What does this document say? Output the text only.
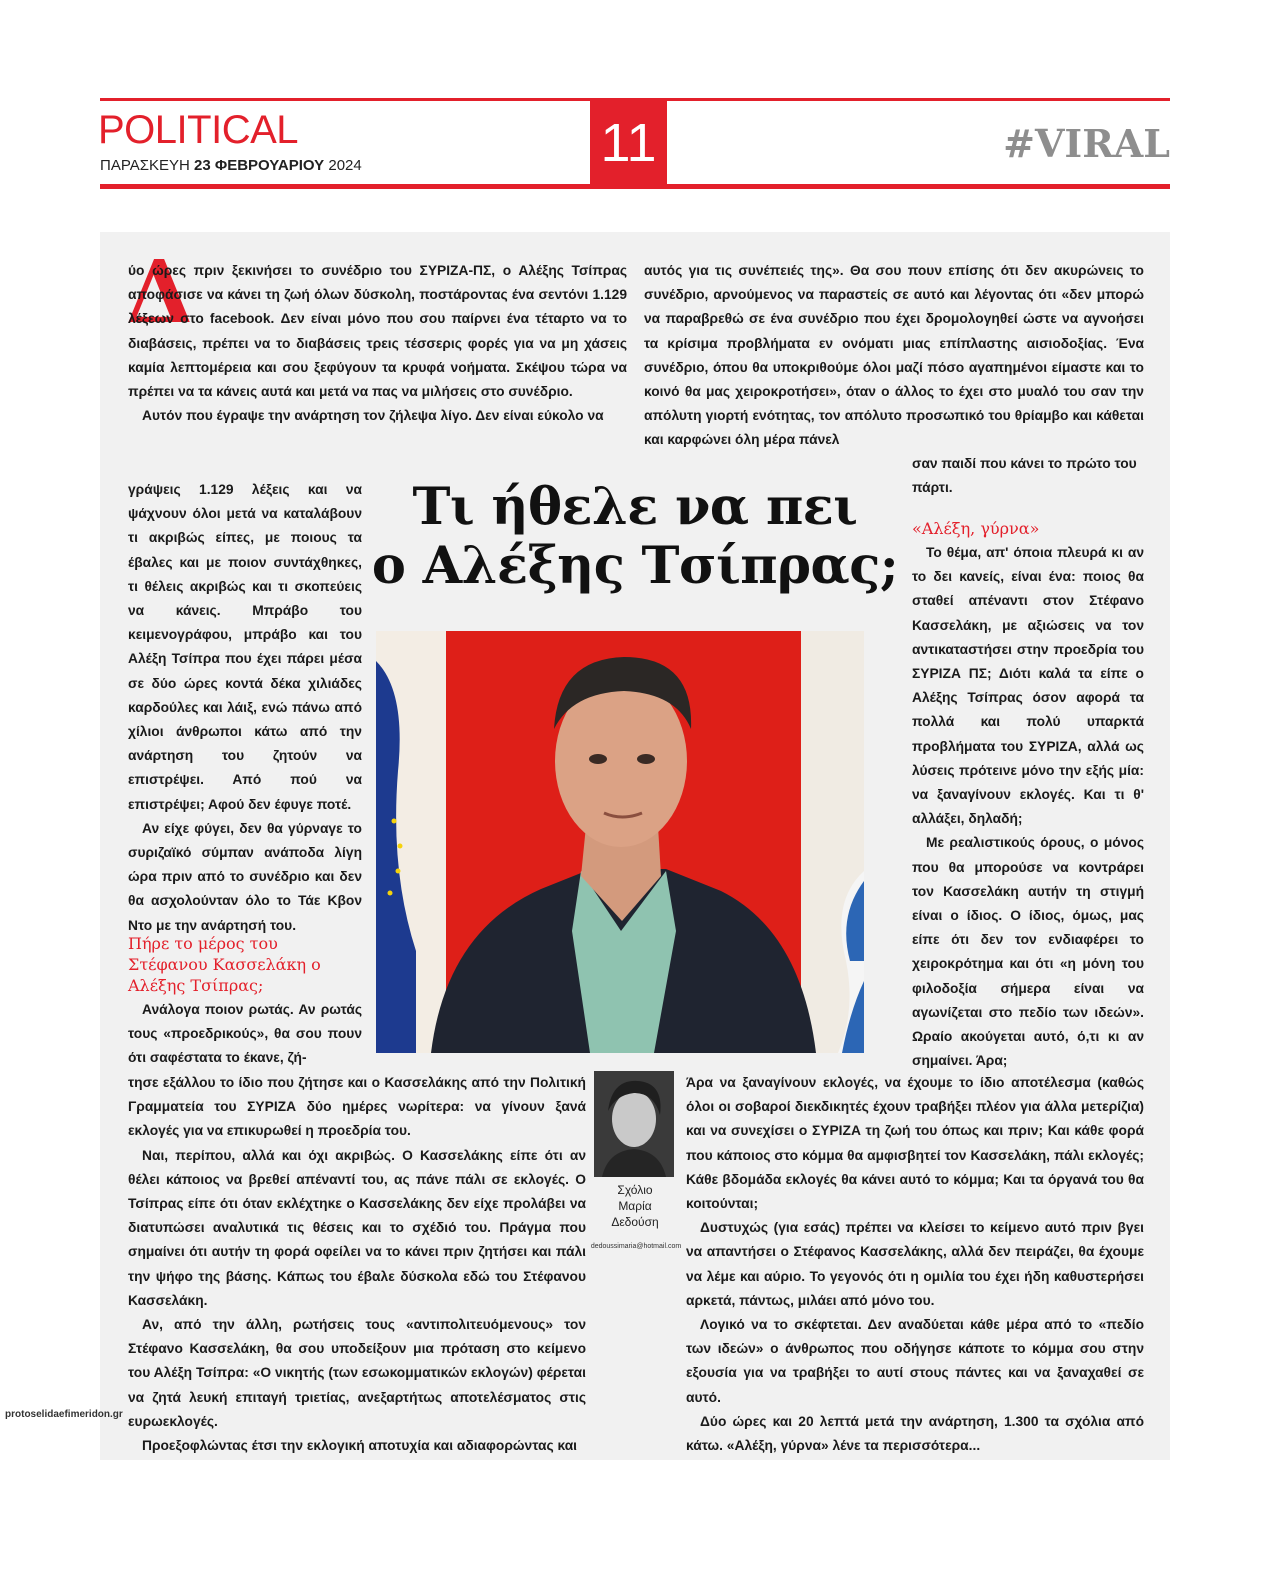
POLITICAL
ΠΑΡΑΣΚΕΥΗ 23 ΦΕΒΡΟΥΑΡΙΟΥ 2024	11	#VIRAL
Δ

ύο ώρες πριν ξεκινήσει το συνέδριο του ΣΥΡΙΖΑ-ΠΣ, ο Αλέξης Τσίπρας αποφάσισε να κάνει τη ζωή όλων δύσκολη, ποστάροντας ένα σεντόνι 1.129 λέξεων στο facebook. Δεν είναι μόνο που σου παίρνει ένα τέταρτο να το διαβάσεις, πρέπει να το διαβάσεις τρεις τέσσερις φορές για να μη χάσεις καμία λεπτομέρεια και σου ξεφύγουν τα κρυφά νοήματα. Σκέψου τώρα να πρέπει να τα κάνεις αυτά και μετά να πας να μιλήσεις στο συνέδριο.

Αυτόν που έγραψε την ανάρτηση τον ζήλεψα λίγο. Δεν είναι εύκολο να

γράψεις 1.129 λέξεις και να ψάχνουν όλοι μετά να καταλάβουν τι ακριβώς είπες, με ποιους τα έβαλες και με ποιον συντάχθηκες, τι θέλεις ακριβώς και τι σκοπεύεις να κάνεις. Μπράβο του κειμενογράφου, μπράβο και του Αλέξη Τσίπρα που έχει πάρει μέσα σε δύο ώρες κοντά δέκα χιλιάδες καρδούλες και λάιξ, ενώ πάνω από χίλιοι άνθρωποι κάτω από την ανάρτηση του ζητούν να επιστρέψει. Από πού να επιστρέψει; Αφού δεν έφυγε ποτέ.

Αν είχε φύγει, δεν θα γύρναγε το συριζαϊκό σύμπαν ανάποδα λίγη ώρα πριν από το συνέδριο και δεν θα ασχολούνταν όλο το Τάε Κβον Ντο με την ανάρτησή του.

Πήρε το μέρος του Στέφανου Κασσελάκη ο Αλέξης Τσίπρας;

Ανάλογα ποιον ρωτάς. Αν ρωτάς τους «προεδρικούς», θα σου πουν ότι σαφέστατα το έκανε, ζή-

τησε εξάλλου το ίδιο που ζήτησε και ο Κασσελάκης από την Πολιτική Γραμματεία του ΣΥΡΙΖΑ δύο ημέρες νωρίτερα: να γίνουν ξανά εκλογές για να επικυρωθεί η προεδρία του.

Ναι, περίπου, αλλά και όχι ακριβώς. Ο Κασσελάκης είπε ότι αν θέλει κάποιος να βρεθεί απέναντί του, ας πάνε πάλι σε εκλογές. Ο Τσίπρας είπε ότι όταν εκλέχτηκε ο Κασσελάκης δεν είχε προλάβει να διατυπώσει αναλυτικά τις θέσεις και το σχέδιό του. Πράγμα που σημαίνει ότι αυτήν τη φορά οφείλει να το κάνει πριν ζητήσει και πάλι την ψήφο της βάσης. Κάπως του έβαλε δύσκολα εδώ του Στέφανου Κασσελάκη.

Αν, από την άλλη, ρωτήσεις τους «αντιπολιτευόμενους» τον Στέφανο Κασσελάκη, θα σου υποδείξουν μια πρόταση στο κείμενο του Αλέξη Τσίπρα: «Ο νικητής (των εσωκομματικών εκλογών) φέρεται να ζητά λευκή επιταγή τριετίας, ανεξαρτήτως αποτελέσματος στις ευρωεκλογές.

Προεξοφλώντας έτσι την εκλογική αποτυχία και αδιαφορώντας και

αυτός για τις συνέπειές της». Θα σου πουν επίσης ότι δεν ακυρώνεις το συνέδριο, αρνούμενος να παραστείς σε αυτό και λέγοντας ότι «δεν μπορώ να παραβρεθώ σε ένα συνέδριο που έχει δρομολογηθεί ώστε να αγνοήσει τα κρίσιμα προβλήματα εν ονόματι μιας επίπλαστης αισιοδοξίας. Ένα συνέδριο, όπου θα υποκριθούμε όλοι μαζί πόσο αγαπημένοι είμαστε και το κοινό θα μας χειροκροτήσει», όταν ο άλλος το έχει στο μυαλό του σαν την απόλυτη γιορτή ενότητας, τον απόλυτο προσωπικό του θρίαμβο και κάθεται και καρφώνει όλη μέρα πάνελ

σαν παιδί που κάνει το πρώτο του πάρτι.

«Αλέξη, γύρνα»

Το θέμα, απ' όποια πλευρά κι αν το δει κανείς, είναι ένα: ποιος θα σταθεί απέναντι στον Στέφανο Κασσελάκη, με αξιώσεις να τον αντικαταστήσει στην προεδρία του ΣΥΡΙΖΑ ΠΣ; Διότι καλά τα είπε ο Αλέξης Τσίπρας όσον αφορά τα πολλά και πολύ υπαρκτά προβλήματα του ΣΥΡΙΖΑ, αλλά ως λύσεις πρότεινε μόνο την εξής μία: να ξαναγίνουν εκλογές. Και τι θ' αλλάξει, δηλαδή;

Με ρεαλιστικούς όρους, ο μόνος που θα μπορούσε να κοντράρει τον Κασσελάκη αυτήν τη στιγμή είναι ο ίδιος. Ο ίδιος, όμως, μας είπε ότι δεν τον ενδιαφέρει το χειροκρότημα και ότι «η μόνη του φιλοδοξία σήμερα είναι να αγωνίζεται στο πεδίο των ιδεών». Ωραίο ακούγεται αυτό, ό,τι κι αν σημαίνει. Άρα;

Άρα να ξαναγίνουν εκλογές, να έχουμε το ίδιο αποτέλεσμα (καθώς όλοι οι σοβαροί διεκδικητές έχουν τραβήξει πλέον για άλλα μετερίζια) και να συνεχίσει ο ΣΥΡΙΖΑ τη ζωή του όπως και πριν; Και κάθε φορά που κάποιος στο κόμμα θα αμφισβητεί τον Κασσελάκη, πάλι εκλογές; Κάθε βδομάδα εκλογές θα κάνει αυτό το κόμμα; Και τα όργανά του θα κοιτούνται;

Δυστυχώς (για εσάς) πρέπει να κλείσει το κείμενο αυτό πριν βγει να απαντήσει ο Στέφανος Κασσελάκης, αλλά δεν πειράζει, θα έχουμε να λέμε και αύριο. Το γεγονός ότι η ομιλία του έχει ήδη καθυστερήσει αρκετά, πάντως, μιλάει από μόνο του.

Λογικό να το σκέφτεται. Δεν αναδύεται κάθε μέρα από το «πεδίο των ιδεών» ο άνθρωπος που οδήγησε κάποτε το κόμμα σου στην εξουσία για να τραβήξει το αυτί στους πάντες και να ξαναχαθεί σε αυτό.

Δύο ώρες και 20 λεπτά μετά την ανάρτηση, 1.300 τα σχόλια από κάτω. «Αλέξη, γύρνα» λένε τα περισσότερα...

Τι ήθελε να πει
ο Αλέξης Τσίπρας;
Σχόλιο
Μαρία
Δεδούση
dedoussimaria@hotmail.com
protoselidaefimeridon.gr
